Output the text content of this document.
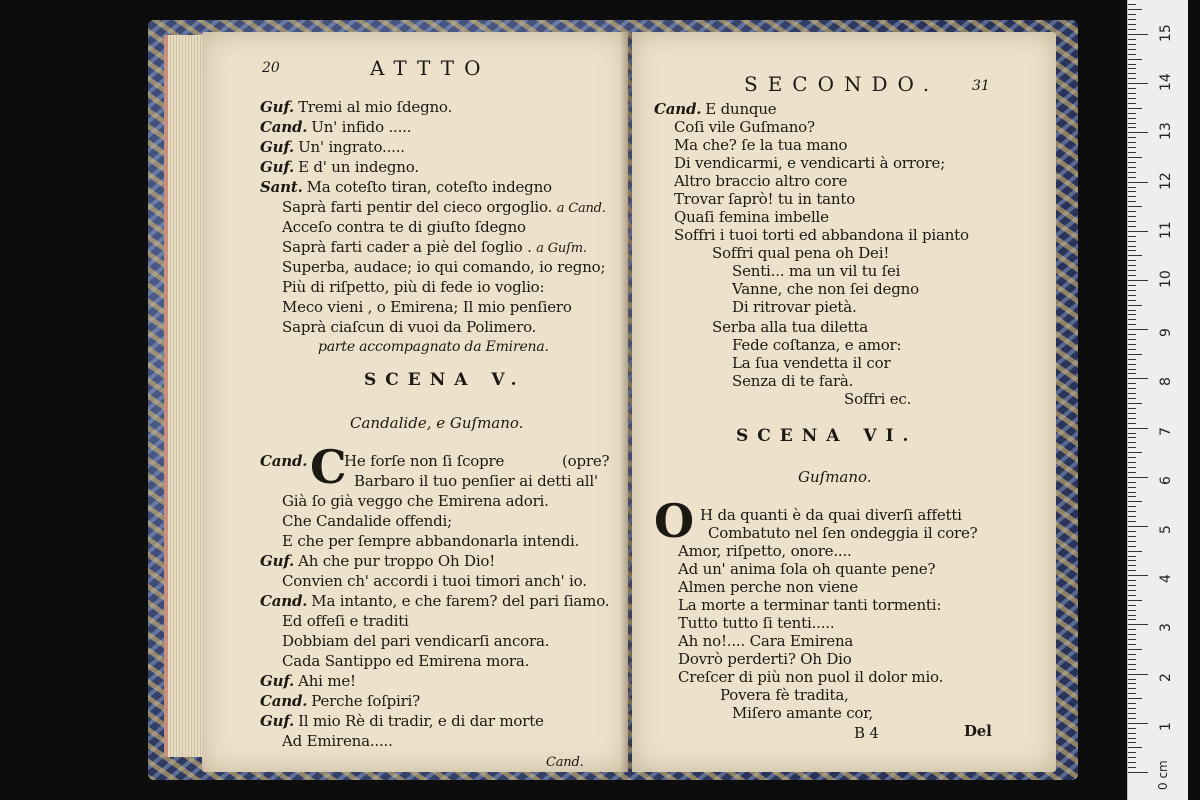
20	ATTTO
Guf. Tremi al mio ſdegno.
Cand. Un' infido .....
Guf. Un' ingrato.....
Guf. E d' un indegno.
Sant. Ma coteſto tiran, coteſto indegno
Saprà farti pentir del cieco orgoglio. a Cand.
Acceſo contra te di giuſto ſdegno
Saprà farti cader a piè del ſoglio . a Guſm.
Superba, audace; io qui comando, io regno;
Più di riſpetto, più di fede io voglio:
Meco vieni , o Emirena; Il mio penſiero
Saprà ciaſcun di vuoi da Polimero.
parte accompagnato da Emirena.
SCENA V.
Candalide, e Guſmano.
Cand. C
He forſe non ſi ſcopre	(opre?
Barbaro il tuo penſier ai detti all'
Già ſo già veggo che Emirena adori.
Che Candalide offendi;
E che per ſempre abbandonarla intendi.
Guf. Ah che pur troppo Oh Dio!
Convien ch' accordi i tuoi timori anch' io.
Cand. Ma intanto, e che farem? del pari ſiamo.
Ed offeſi e traditi
Dobbiam del pari vendicarſi ancora.
Cada Santippo ed Emirena mora.
Guf. Ahi me!
Cand. Perche ſoſpiri?
Guf. Il mio Rè di tradir, e di dar morte
Ad Emirena.....
Cand.
SECONDO. 31
Cand. E dunque
Coſi vile Guſmano?
Ma che? ſe la tua mano
Di vendicarmi, e vendicarti à orrore;
Altro braccio altro core
Trovar ſaprò! tu in tanto
Quaſi femina imbelle
Soffri i tuoi torti ed abbandona il pianto
Soffri qual pena oh Dei!
Senti... ma un vil tu ſei
Vanne, che non ſei degno
Di ritrovar pietà.
Serba alla tua diletta
Fede coſtanza, e amor:
La ſua vendetta il cor
Senza di te farà.
Soffri ec.
SCENA VI.
Guſmano.
O H da quanti è da quai diverſi affetti
Combatuto nel ſen ondeggia il core?
Amor, riſpetto, onore....
Ad un' anima ſola oh quante pene?
Almen perche non viene
La morte a terminar tanti tormenti:
Tutto tutto ſi tenti.....
Ah no!.... Cara Emirena
Dovrò perderti? Oh Dio
Creſcer di più non puol il dolor mio.
Povera fè tradita,
Miſero amante cor,
B 4	Del	1
2
3
4
5
6
7
8
9
10
11
12
13
14
15
0 cm
